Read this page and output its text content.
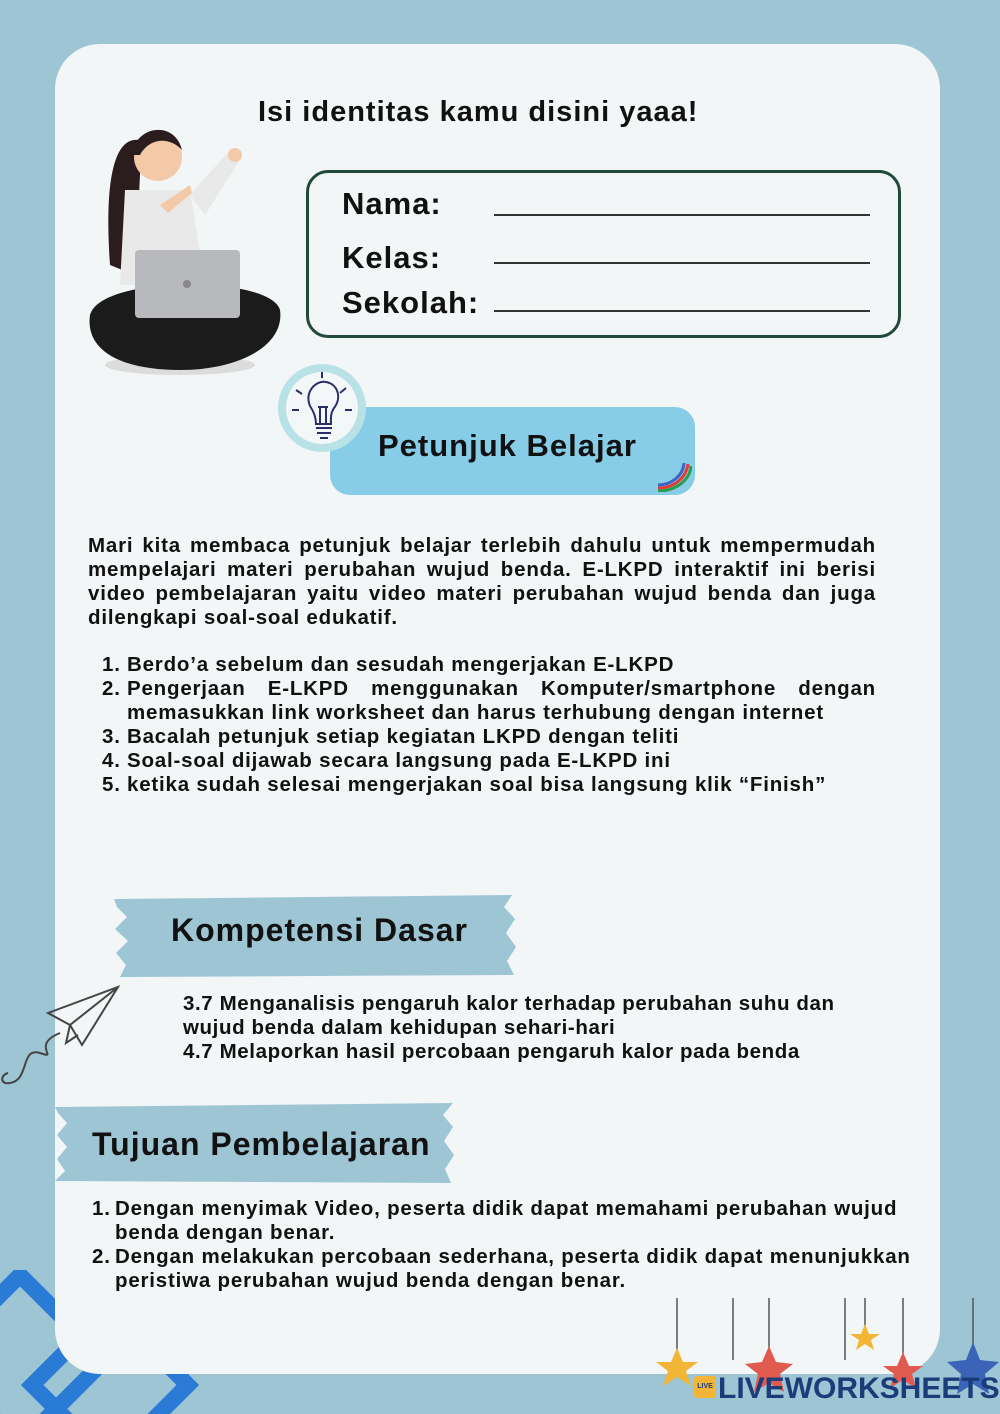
Isi identitas kamu disini yaaa!
Nama:
Kelas:
Sekolah:
Petunjuk Belajar
Mari kita membaca petunjuk belajar terlebih dahulu untuk mempermudah mempelajari materi perubahan wujud benda. E-LKPD interaktif ini berisi video pembelajaran yaitu video materi perubahan wujud benda dan juga dilengkapi soal-soal edukatif.
1. Berdo’a sebelum dan sesudah mengerjakan E-LKPD
2. Pengerjaan E-LKPD menggunakan Komputer/smartphone dengan memasukkan link worksheet dan harus terhubung dengan internet
3. Bacalah petunjuk setiap kegiatan LKPD dengan teliti
4. Soal-soal dijawab secara langsung pada E-LKPD ini
5. ketika sudah selesai mengerjakan soal bisa langsung klik “Finish”
Kompetensi Dasar
3.7 Menganalisis pengaruh kalor terhadap perubahan suhu dan wujud benda dalam kehidupan sehari-hari
4.7 Melaporkan hasil percobaan pengaruh kalor pada benda
Tujuan Pembelajaran
1. Dengan menyimak Video, peserta didik dapat memahami perubahan wujud benda dengan benar.
2. Dengan melakukan percobaan sederhana, peserta didik dapat menunjukkan peristiwa perubahan wujud benda dengan benar.
LIVE LIVEWORKSHEETS
